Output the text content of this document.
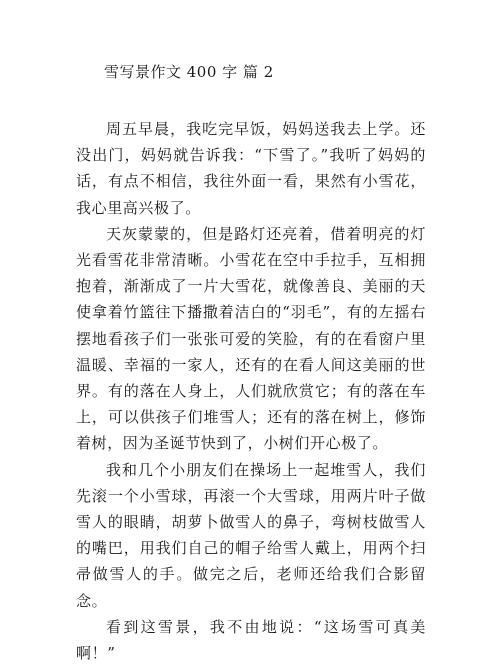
雪写景作文 400 字 篇 2

周五早晨，我吃完早饭，妈妈送我去上学。还没出门，妈妈就告诉我：“下雪了。”我听了妈妈的话，有点不相信，我往外面一看，果然有小雪花，我心里高兴极了。

天灰蒙蒙的，但是路灯还亮着，借着明亮的灯光看雪花非常清晰。小雪花在空中手拉手，互相拥抱着，渐渐成了一片大雪花，就像善良、美丽的天使拿着竹篮往下播撒着洁白的“羽毛”，有的左摇右摆地看孩子们一张张可爱的笑脸，有的在看窗户里温暖、幸福的一家人，还有的在看人间这美丽的世界。有的落在人身上，人们就欣赏它；有的落在车上，可以供孩子们堆雪人；还有的落在树上，修饰着树，因为圣诞节快到了，小树们开心极了。

我和几个小朋友们在操场上一起堆雪人，我们先滚一个小雪球，再滚一个大雪球，用两片叶子做雪人的眼睛，胡萝卜做雪人的鼻子，弯树枝做雪人的嘴巴，用我们自己的帽子给雪人戴上，用两个扫帚做雪人的手。做完之后，老师还给我们合影留念。

看到这雪景，我不由地说：“这场雪可真美啊！”
